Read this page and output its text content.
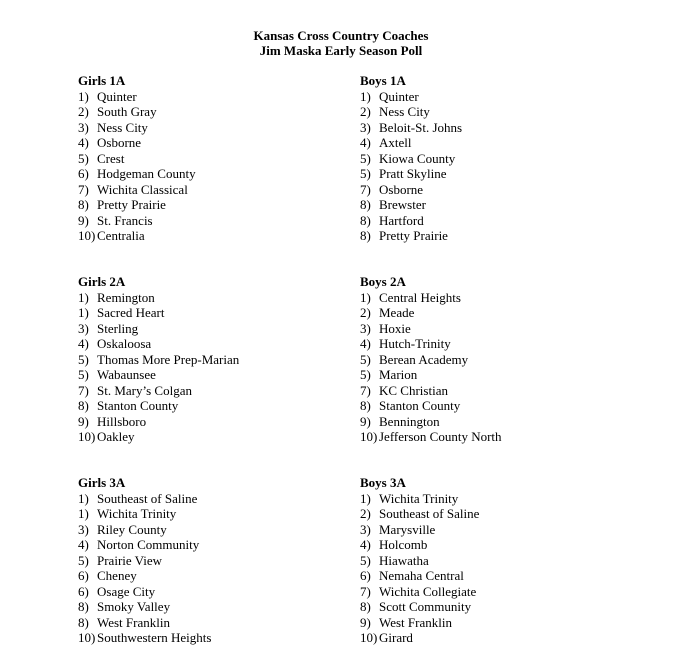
Kansas Cross Country Coaches
Jim Maska Early Season Poll
Girls 1A
1) Quinter
2) South Gray
3) Ness City
4) Osborne
5) Crest
6) Hodgeman County
7) Wichita Classical
8) Pretty Prairie
9) St. Francis
10) Centralia
Boys 1A
1) Quinter
2) Ness City
3) Beloit-St. Johns
4) Axtell
5) Kiowa County
5) Pratt Skyline
7) Osborne
8) Brewster
8) Hartford
8) Pretty Prairie
Girls 2A
1) Remington
1) Sacred Heart
3) Sterling
4) Oskaloosa
5) Thomas More Prep-Marian
5) Wabaunsee
7) St. Mary’s Colgan
8) Stanton County
9) Hillsboro
10) Oakley
Boys 2A
1) Central Heights
2) Meade
3) Hoxie
4) Hutch-Trinity
5) Berean Academy
5) Marion
7) KC Christian
8) Stanton County
9) Bennington
10) Jefferson County North
Girls 3A
1) Southeast of Saline
1) Wichita Trinity
3) Riley County
4) Norton Community
5) Prairie View
6) Cheney
6) Osage City
8) Smoky Valley
8) West Franklin
10) Southwestern Heights
Boys 3A
1) Wichita Trinity
2) Southeast of Saline
3) Marysville
4) Holcomb
5) Hiawatha
6) Nemaha Central
7) Wichita Collegiate
8) Scott Community
9) West Franklin
10) Girard
